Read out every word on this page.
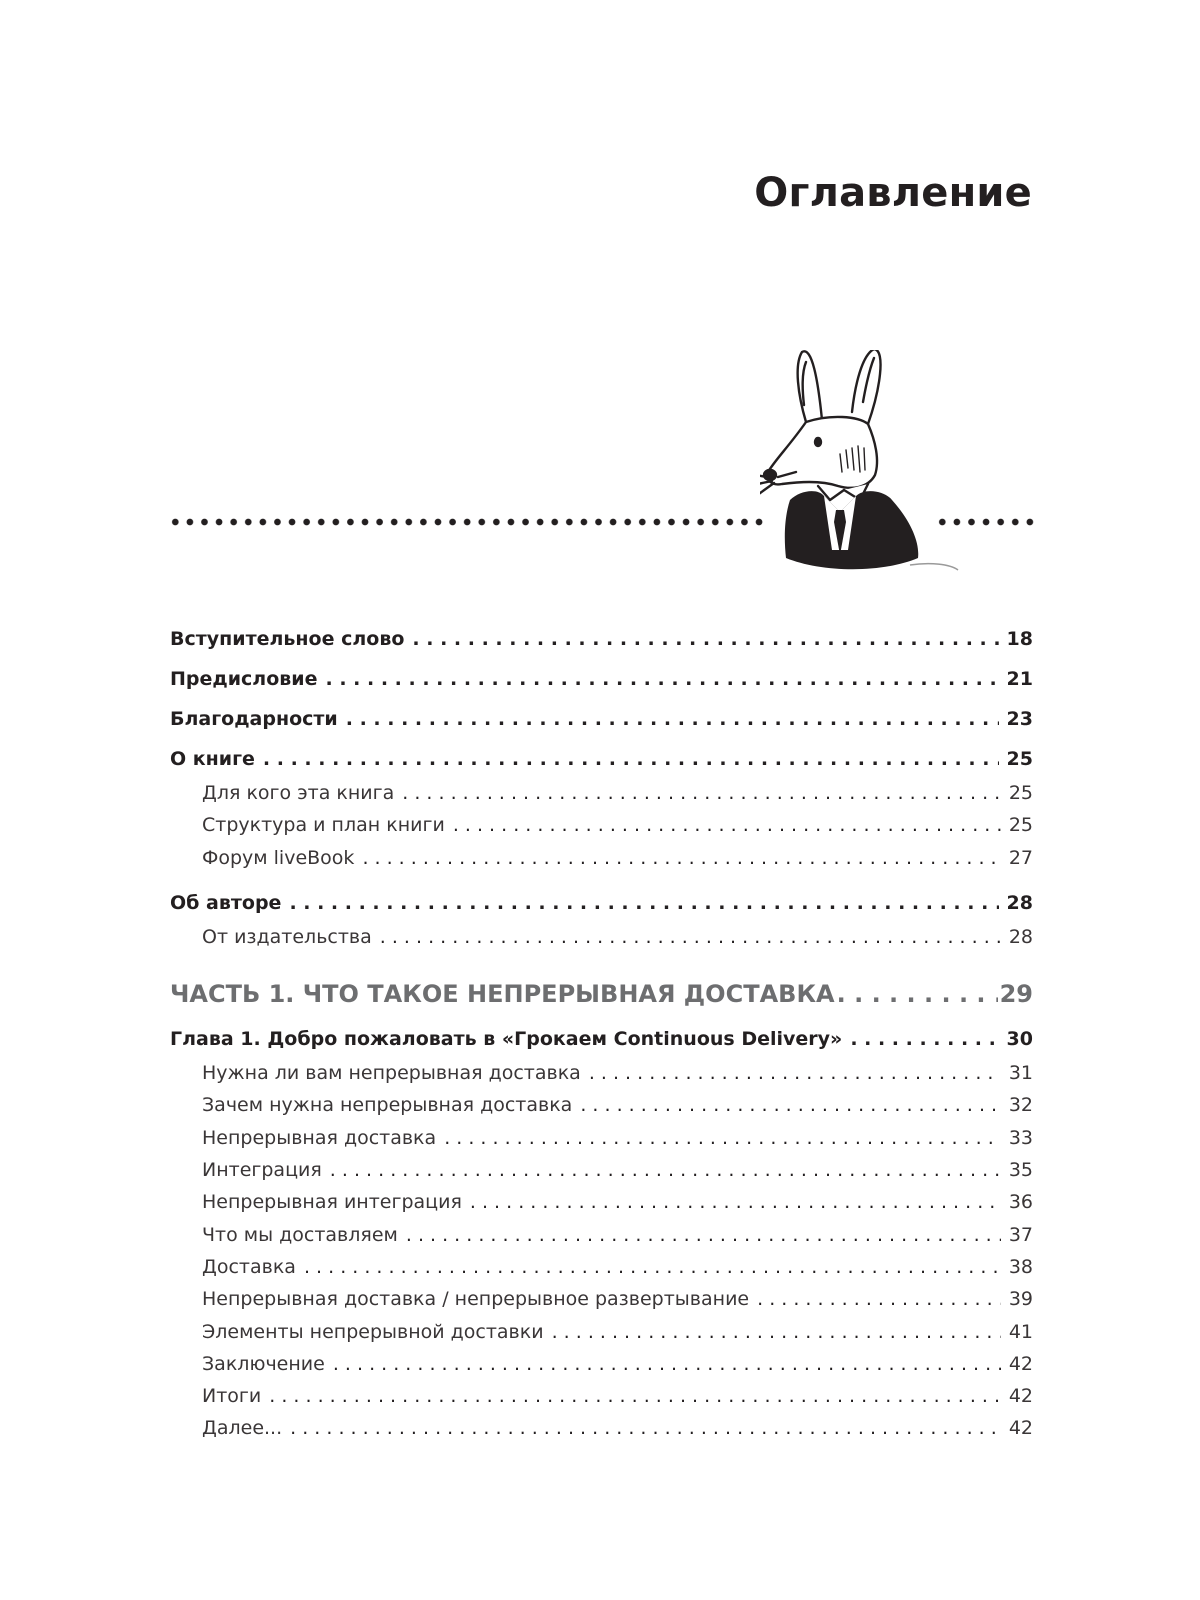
Оглавление
Вступительное слово . . .	18
Предисловие . . .	21
Благодарности . . .	23
О книге . . .	25
Для кого эта книга . . .	25
Структура и план книги . . .	25
Форум liveBook . . .	27
Об авторе . . .	28
От издательства . . .	28
ЧАСТЬ 1. ЧТО ТАКОЕ НЕПРЕРЫВНАЯ ДОСТАВКА . . .	29
Глава 1. Добро пожаловать в «Грокаем Continuous Delivery» . . .	30
Нужна ли вам непрерывная доставка . . .	31
Зачем нужна непрерывная доставка . . .	32
Непрерывная доставка . . .	33
Интеграция . . .	35
Непрерывная интеграция . . .	36
Что мы доставляем . . .	37
Доставка . . .	38
Непрерывная доставка / непрерывное развертывание . . .	39
Элементы непрерывной доставки . . .	41
Заключение . . .	42
Итоги . . .	42
Далее... . . .	42
